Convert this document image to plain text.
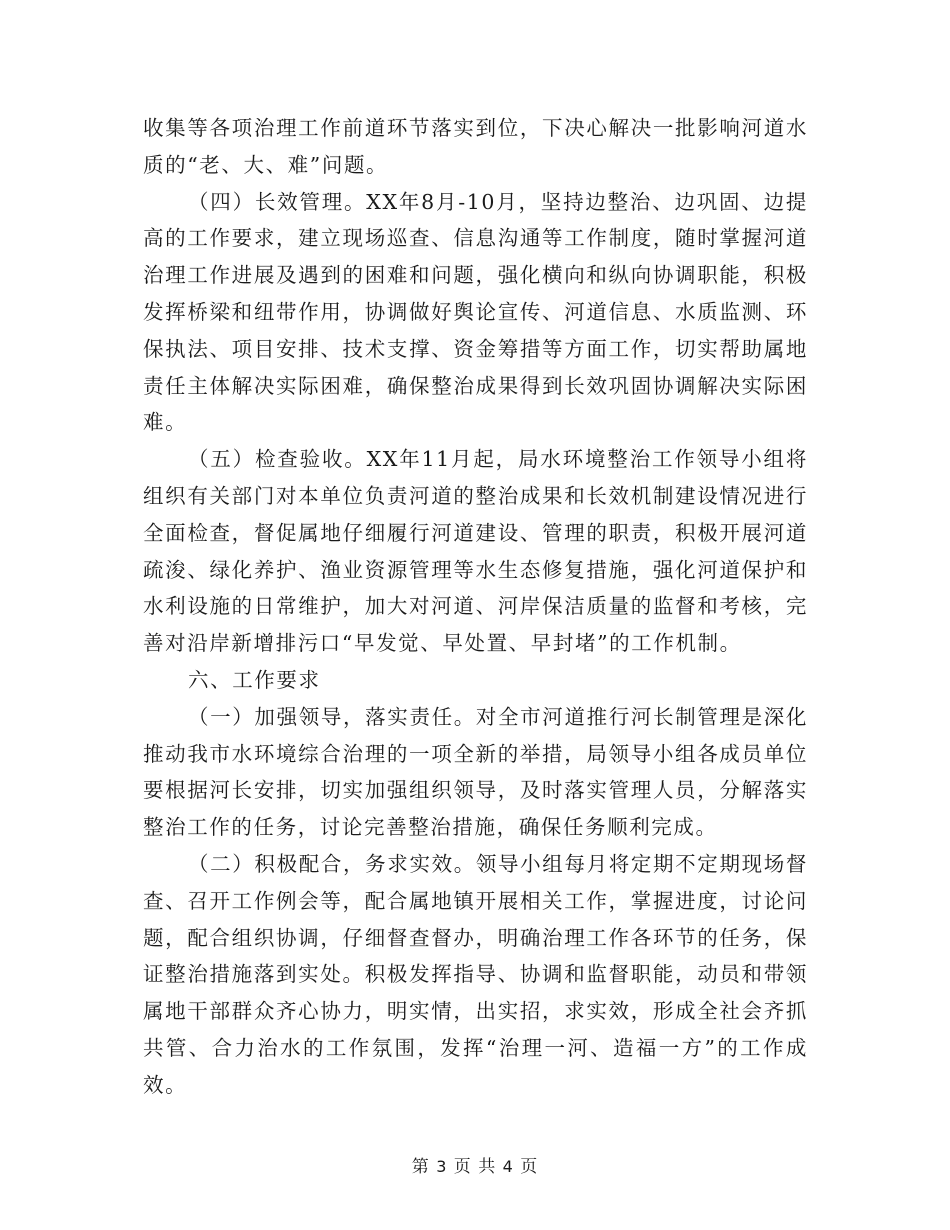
收集等各项治理工作前道环节落实到位，下决心解决一批影响河道水质的“老、大、难”问题。

（四）长效管理。XX年8月-10月，坚持边整治、边巩固、边提高的工作要求，建立现场巡查、信息沟通等工作制度，随时掌握河道治理工作进展及遇到的困难和问题，强化横向和纵向协调职能，积极发挥桥梁和纽带作用，协调做好舆论宣传、河道信息、水质监测、环保执法、项目安排、技术支撑、资金筹措等方面工作，切实帮助属地责任主体解决实际困难，确保整治成果得到长效巩固协调解决实际困难。

（五）检查验收。XX年11月起，局水环境整治工作领导小组将组织有关部门对本单位负责河道的整治成果和长效机制建设情况进行全面检查，督促属地仔细履行河道建设、管理的职责，积极开展河道疏浚、绿化养护、渔业资源管理等水生态修复措施，强化河道保护和水利设施的日常维护，加大对河道、河岸保洁质量的监督和考核，完善对沿岸新增排污口“早发觉、早处置、早封堵”的工作机制。

六、工作要求

（一）加强领导，落实责任。对全市河道推行河长制管理是深化推动我市水环境综合治理的一项全新的举措，局领导小组各成员单位要根据河长安排，切实加强组织领导，及时落实管理人员，分解落实整治工作的任务，讨论完善整治措施，确保任务顺利完成。

（二）积极配合，务求实效。领导小组每月将定期不定期现场督查、召开工作例会等，配合属地镇开展相关工作，掌握进度，讨论问题，配合组织协调，仔细督查督办，明确治理工作各环节的任务，保证整治措施落到实处。积极发挥指导、协调和监督职能，动员和带领属地干部群众齐心协力，明实情，出实招，求实效，形成全社会齐抓共管、合力治水的工作氛围，发挥“治理一河、造福一方”的工作成效。

第 3 页 共 4 页
